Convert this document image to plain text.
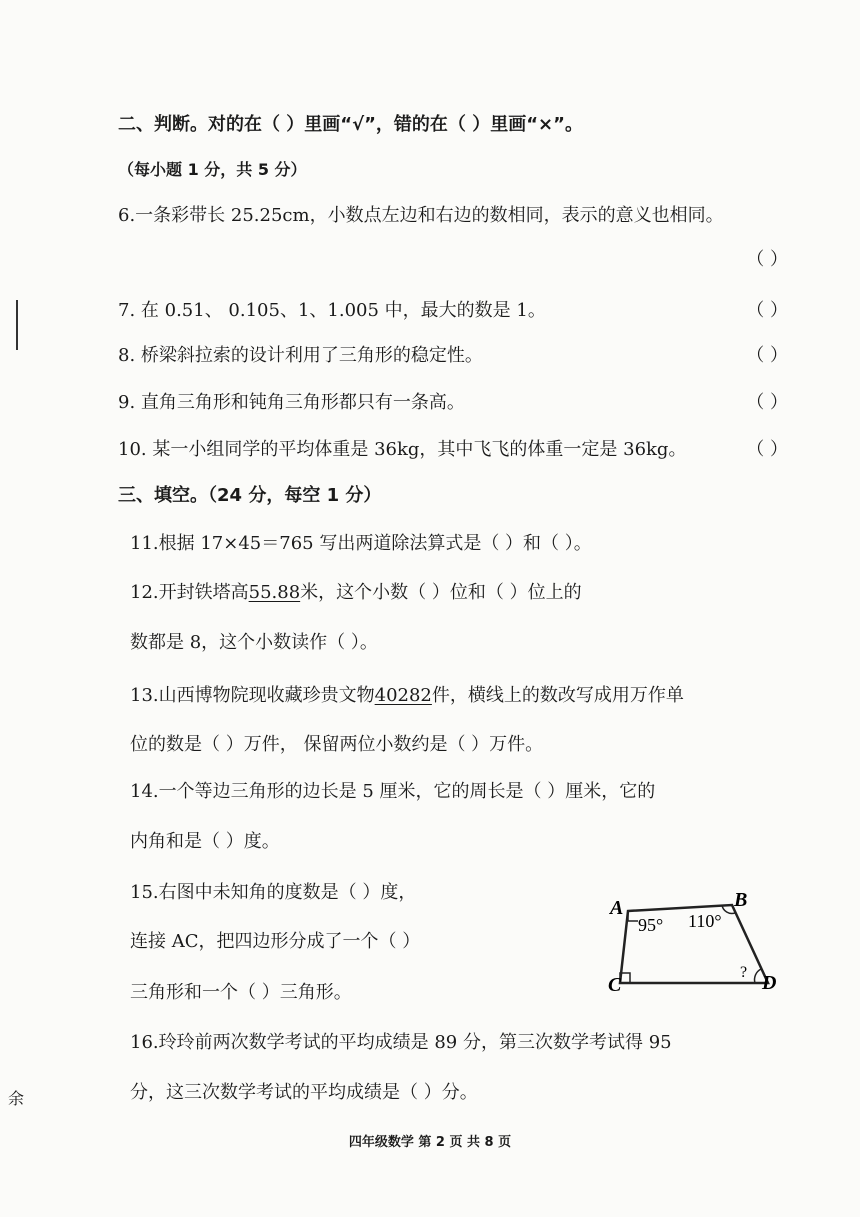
二、判断。对的在（ ）里画“√”，错的在（ ）里画“×”。
（每小题 1 分，共 5 分）
6.一条彩带长 25.25cm，小数点左边和右边的数相同，表示的意义也相同。
（ ）
7. 在 0.51、 0.105、1、1.005 中，最大的数是 1。	（ ）
8. 桥梁斜拉索的设计利用了三角形的稳定性。	（ ）
9. 直角三角形和钝角三角形都只有一条高。	（ ）
10. 某一小组同学的平均体重是 36kg，其中飞飞的体重一定是 36kg。	（ ）
三、填空。（24 分，每空 1 分）
11.根据 17×45＝765 写出两道除法算式是（ ）和（ ）。
12.开封铁塔高55.88米，这个小数（ ）位和（ ）位上的
数都是 8，这个小数读作（ ）。
13.山西博物院现收藏珍贵文物40282件，横线上的数改写成用万作单
位的数是（ ）万件， 保留两位小数约是（ ）万件。
14.一个等边三角形的边长是 5 厘米，它的周长是（ ）厘米，它的
内角和是（ ）度。
15.右图中未知角的度数是（ ）度，
连接 AC，把四边形分成了一个（ ）
三角形和一个（ ）三角形。
A	B
C	D
95° 110°
?
16.玲玲前两次数学考试的平均成绩是 89 分，第三次数学考试得 95
分，这三次数学考试的平均成绩是（ ）分。
四年级数学 第 2 页 共 8 页
余
